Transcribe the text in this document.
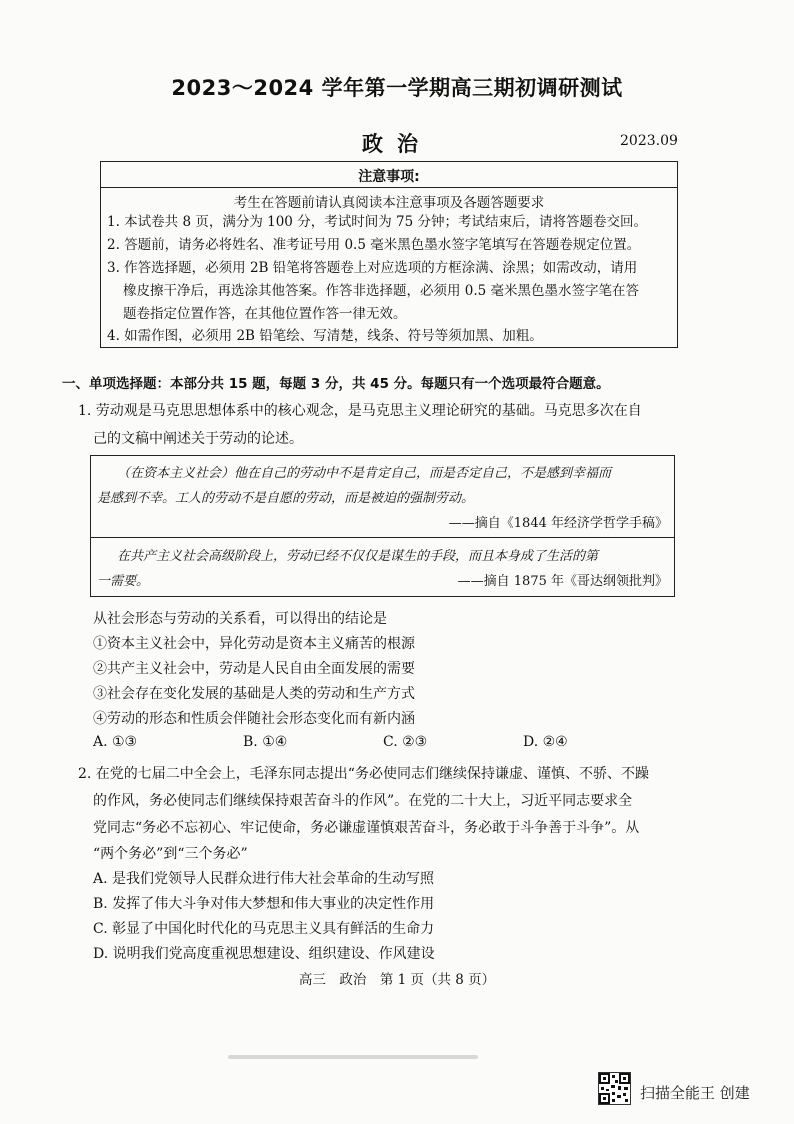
2023～2024 学年第一学期高三期初调研测试
政治	2023.09
注意事项:
考生在答题前请认真阅读本注意事项及各题答题要求
1. 本试卷共 8 页，满分为 100 分，考试时间为 75 分钟；考试结束后，请将答题卷交回。
2. 答题前，请务必将姓名、准考证号用 0.5 毫米黑色墨水签字笔填写在答题卷规定位置。
3. 作答选择题，必须用 2B 铅笔将答题卷上对应选项的方框涂满、涂黑；如需改动，请用
橡皮擦干净后，再选涂其他答案。作答非选择题，必须用 0.5 毫米黑色墨水签字笔在答
题卷指定位置作答，在其他位置作答一律无效。
4. 如需作图，必须用 2B 铅笔绘、写清楚，线条、符号等须加黑、加粗。
一、单项选择题：本部分共 15 题，每题 3 分，共 45 分。每题只有一个选项最符合题意。
1. 劳动观是马克思思想体系中的核心观念，是马克思主义理论研究的基础。马克思多次在自
己的文稿中阐述关于劳动的论述。
（在资本主义社会）他在自己的劳动中不是肯定自己，而是否定自己，不是感到幸福而
是感到不幸。工人的劳动不是自愿的劳动，而是被迫的强制劳动。
——摘自《1844 年经济学哲学手稿》
在共产主义社会高级阶段上，劳动已经不仅仅是谋生的手段，而且本身成了生活的第
一需要。	——摘自 1875 年《哥达纲领批判》
从社会形态与劳动的关系看，可以得出的结论是
①资本主义社会中，异化劳动是资本主义痛苦的根源
②共产主义社会中，劳动是人民自由全面发展的需要
③社会存在变化发展的基础是人类的劳动和生产方式
④劳动的形态和性质会伴随社会形态变化而有新内涵
A. ①③	B. ①④	C. ②③	D. ②④
2. 在党的七届二中全会上，毛泽东同志提出“务必使同志们继续保持谦虚、谨慎、不骄、不躁
的作风，务必使同志们继续保持艰苦奋斗的作风”。在党的二十大上，习近平同志要求全
党同志“务必不忘初心、牢记使命，务必谦虚谨慎艰苦奋斗，务必敢于斗争善于斗争”。从
“两个务必”到“三个务必”
A. 是我们党领导人民群众进行伟大社会革命的生动写照
B. 发挥了伟大斗争对伟大梦想和伟大事业的决定性作用
C. 彰显了中国化时代化的马克思主义具有鲜活的生命力
D. 说明我们党高度重视思想建设、组织建设、作风建设
高三　政治　第 1 页（共 8 页）
扫描全能王 创建
